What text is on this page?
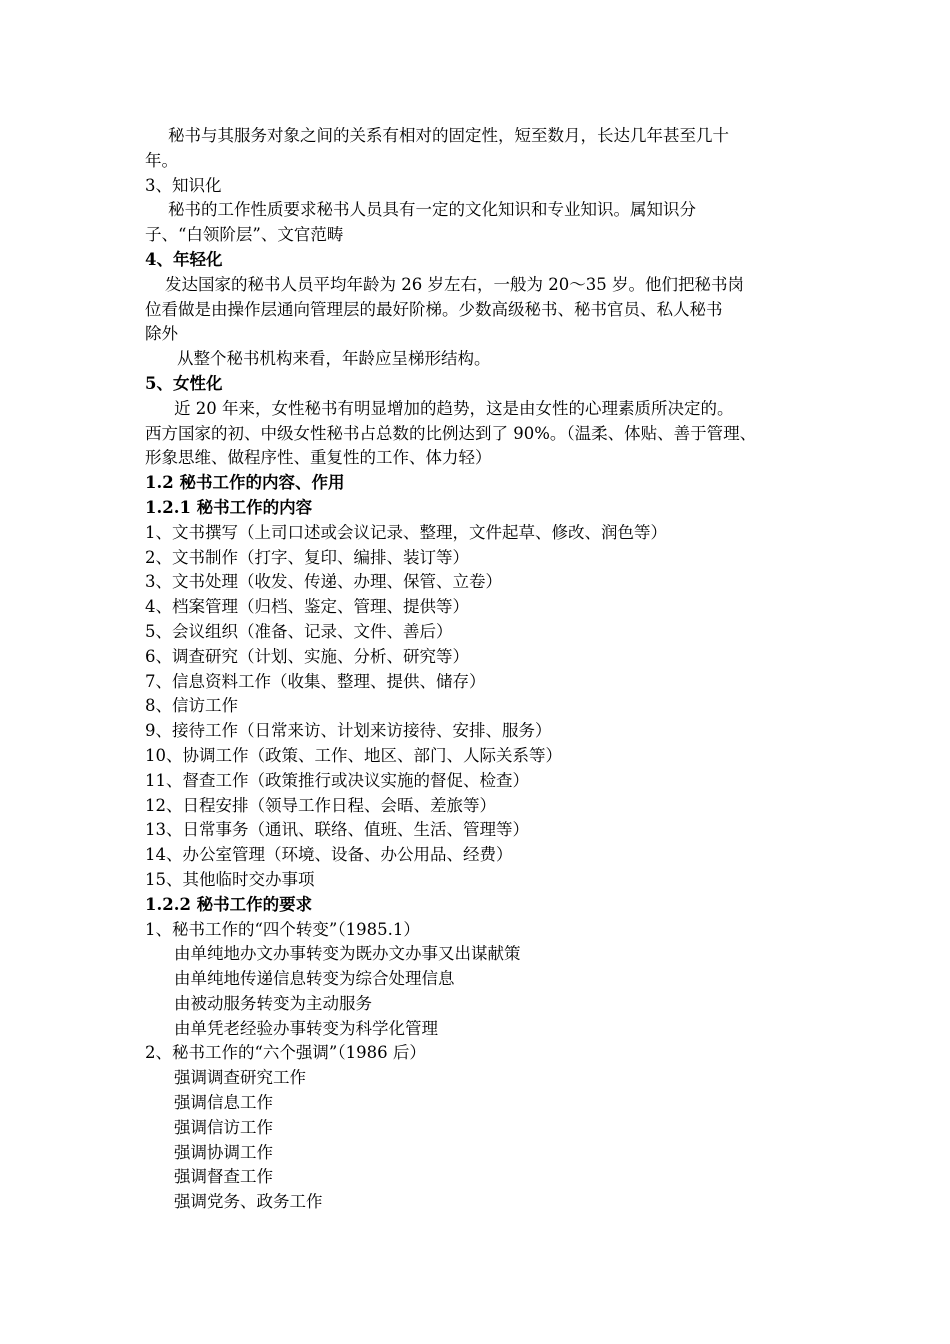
秘书与其服务对象之间的关系有相对的固定性，短至数月，长达几年甚至几十
年。
3、知识化
秘书的工作性质要求秘书人员具有一定的文化知识和专业知识。属知识分
子、“白领阶层”、文官范畴
4、年轻化
发达国家的秘书人员平均年龄为 26 岁左右，一般为 20～35 岁。他们把秘书岗
位看做是由操作层通向管理层的最好阶梯。少数高级秘书、秘书官员、私人秘书
除外
从整个秘书机构来看，年龄应呈梯形结构。
5、女性化
近 20 年来，女性秘书有明显增加的趋势，这是由女性的心理素质所决定的。
西方国家的初、中级女性秘书占总数的比例达到了 90%。（温柔、体贴、善于管理、
形象思维、做程序性、重复性的工作、体力轻）
1.2 秘书工作的内容、作用
1.2.1 秘书工作的内容
1、文书撰写（上司口述或会议记录、整理，文件起草、修改、润色等）
2、文书制作（打字、复印、编排、装订等）
3、文书处理（收发、传递、办理、保管、立卷）
4、档案管理（归档、鉴定、管理、提供等）
5、会议组织（准备、记录、文件、善后）
6、调查研究（计划、实施、分析、研究等）
7、信息资料工作（收集、整理、提供、储存）
8、信访工作
9、接待工作（日常来访、计划来访接待、安排、服务）
10、协调工作（政策、工作、地区、部门、人际关系等）
11、督查工作（政策推行或决议实施的督促、检查）
12、日程安排（领导工作日程、会晤、差旅等）
13、日常事务（通讯、联络、值班、生活、管理等）
14、办公室管理（环境、设备、办公用品、经费）
15、其他临时交办事项
1.2.2 秘书工作的要求
1、秘书工作的“四个转变”（1985.1）
由单纯地办文办事转变为既办文办事又出谋献策
由单纯地传递信息转变为综合处理信息
由被动服务转变为主动服务
由单凭老经验办事转变为科学化管理
2、秘书工作的“六个强调”（1986 后）
强调调查研究工作
强调信息工作
强调信访工作
强调协调工作
强调督查工作
强调党务、政务工作
